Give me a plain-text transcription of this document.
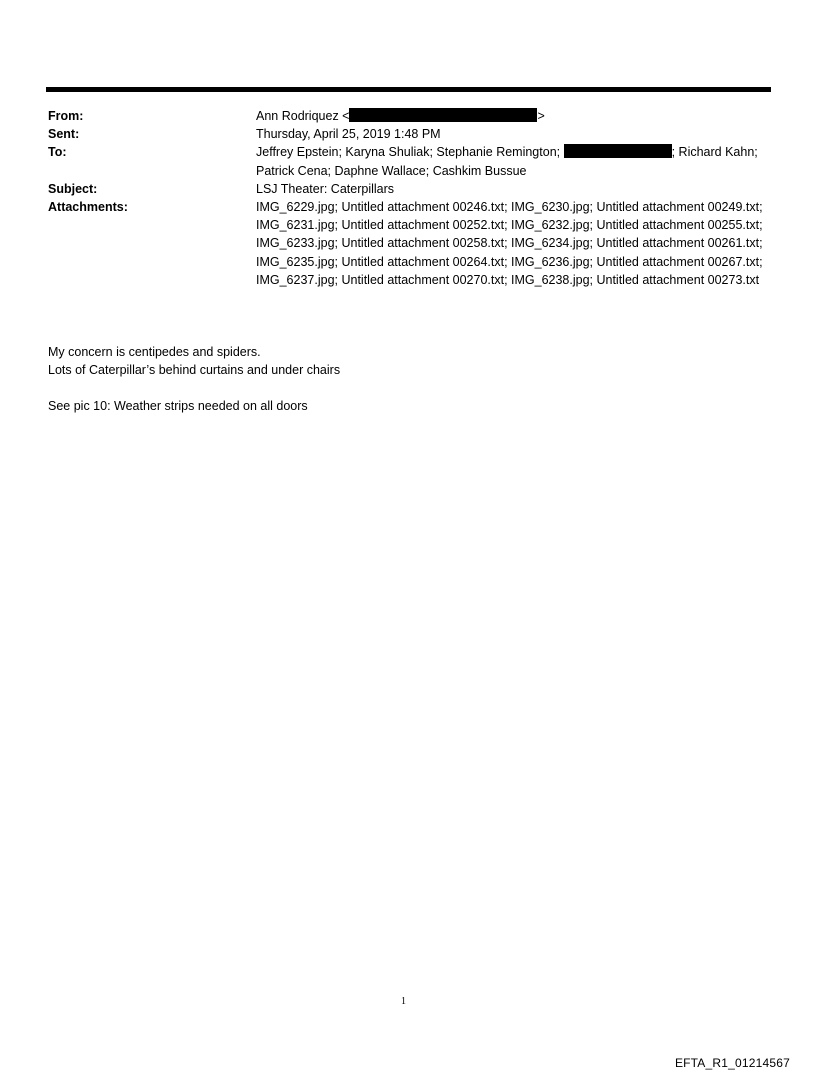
From:	Ann Rodriquez <	>
Sent:	Thursday, April 25, 2019 1:48 PM
To:	Jeffrey Epstein; Karyna Shuliak; Stephanie Remington;	; Richard Kahn; Patrick Cena; Daphne Wallace; Cashkim Bussue
Subject:	LSJ Theater: Caterpillars
Attachments:	IMG_6229.jpg; Untitled attachment 00246.txt; IMG_6230.jpg; Untitled attachment 00249.txt; IMG_6231.jpg; Untitled attachment 00252.txt; IMG_6232.jpg; Untitled attachment 00255.txt; IMG_6233.jpg; Untitled attachment 00258.txt; IMG_6234.jpg; Untitled attachment 00261.txt; IMG_6235.jpg; Untitled attachment 00264.txt; IMG_6236.jpg; Untitled attachment 00267.txt; IMG_6237.jpg; Untitled attachment 00270.txt; IMG_6238.jpg; Untitled attachment 00273.txt

My concern is centipedes and spiders.

Lots of Caterpillar’s behind curtains and under chairs

See pic 10: Weather strips needed on all doors

1
EFTA_R1_01214567
